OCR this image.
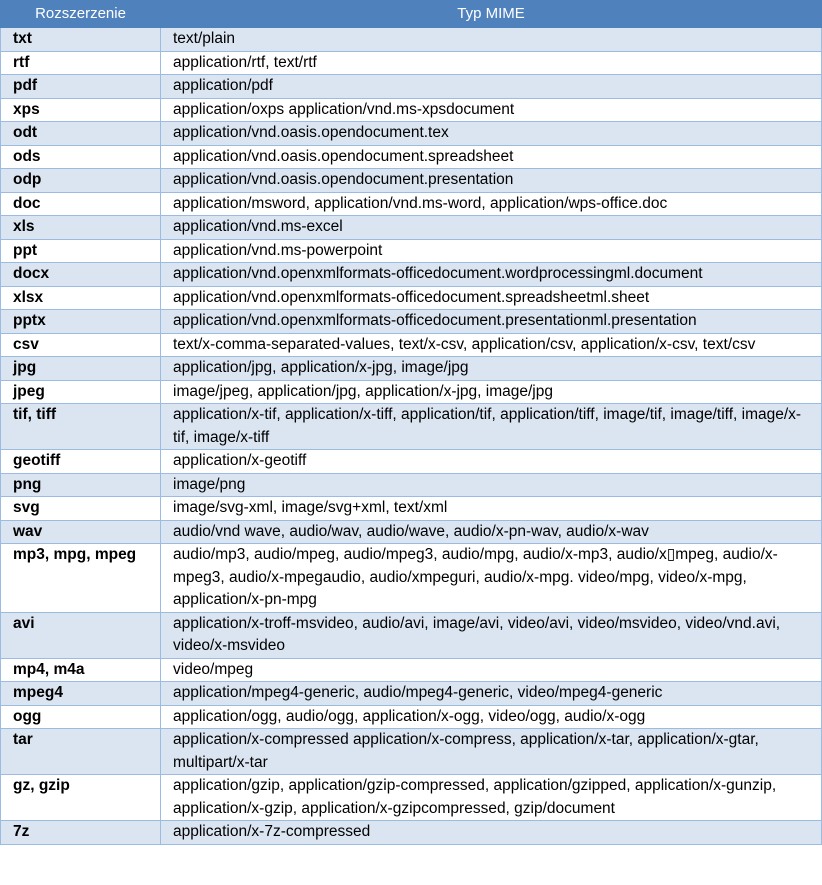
Rozszerzenie	Typ MIME
txt	text/plain
rtf	application/rtf, text/rtf
pdf	application/pdf
xps	application/oxps application/vnd.ms-xpsdocument
odt	application/vnd.oasis.opendocument.tex
ods	application/vnd.oasis.opendocument.spreadsheet
odp	application/vnd.oasis.opendocument.presentation
doc	application/msword, application/vnd.ms-word, application/wps-office.doc
xls	application/vnd.ms-excel
ppt	application/vnd.ms-powerpoint
docx	application/vnd.openxmlformats-officedocument.wordprocessingml.document
xlsx	application/vnd.openxmlformats-officedocument.spreadsheetml.sheet
pptx	application/vnd.openxmlformats-officedocument.presentationml.presentation
csv	text/x-comma-separated-values, text/x-csv, application/csv, application/x-csv, text/csv
jpg	application/jpg, application/x-jpg, image/jpg
jpeg	image/jpeg, application/jpg, application/x-jpg, image/jpg
tif, tiff	application/x-tif, application/x-tiff, application/tif, application/tiff, image/tif, image/tiff, image/x-tif, image/x-tiff
geotiff	application/x-geotiff
png	image/png
svg	image/svg-xml, image/svg+xml, text/xml
wav	audio/vnd wave, audio/wav, audio/wave, audio/x-pn-wav, audio/x-wav
mp3, mpg, mpeg	audio/mp3, audio/mpeg, audio/mpeg3, audio/mpg, audio/x-mp3, audio/x▯mpeg, audio/x-mpeg3, audio/x-mpegaudio, audio/xmpeguri, audio/x-mpg. video/mpg, video/x-mpg, application/x-pn-mpg
avi	application/x-troff-msvideo, audio/avi, image/avi, video/avi, video/msvideo, video/vnd.avi, video/x-msvideo
mp4, m4a	video/mpeg
mpeg4	application/mpeg4-generic, audio/mpeg4-generic, video/mpeg4-generic
ogg	application/ogg, audio/ogg, application/x-ogg, video/ogg, audio/x-ogg
tar	application/x-compressed application/x-compress, application/x-tar, application/x-gtar, multipart/x-tar
gz, gzip	application/gzip, application/gzip-compressed, application/gzipped, application/x-gunzip, application/x-gzip, application/x-gzipcompressed, gzip/document
7z	application/x-7z-compressed
